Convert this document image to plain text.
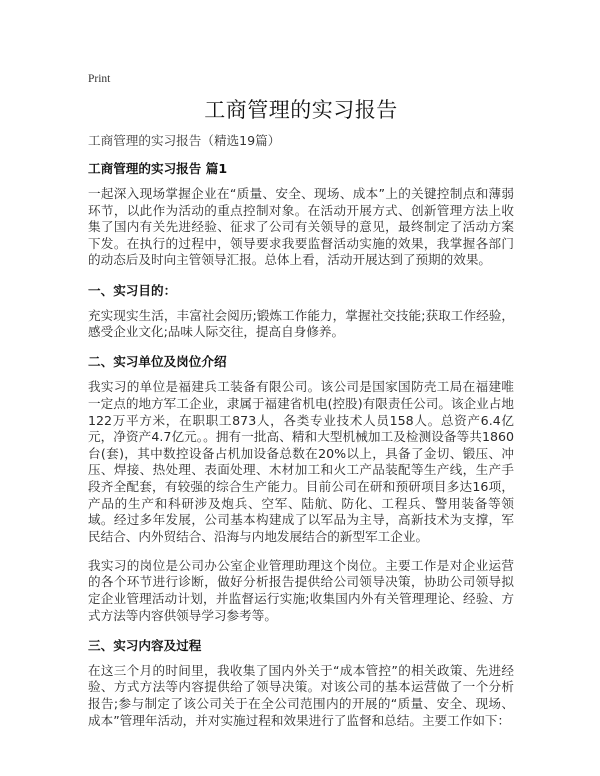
Print
工商管理的实习报告
工商管理的实习报告（精选19篇）
工商管理的实习报告 篇1

一起深入现场掌握企业在“质量、安全、现场、成本”上的关键控制点和薄弱环节，以此作为活动的重点控制对象。在活动开展方式、创新管理方法上收集了国内有关先进经验、征求了公司有关领导的意见，最终制定了活动方案下发。在执行的过程中，领导要求我要监督活动实施的效果，我掌握各部门的动态后及时向主管领导汇报。总体上看，活动开展达到了预期的效果。

一、实习目的：

充实现实生活，丰富社会阅历;锻炼工作能力，掌握社交技能;获取工作经验，感受企业文化;品味人际交往，提高自身修养。

二、实习单位及岗位介绍

我实习的单位是福建兵工装备有限公司。该公司是国家国防壳工局在福建唯一定点的地方军工企业，隶属于福建省机电(控股)有限责任公司。该企业占地122万平方米，在职职工873人，各类专业技术人员158人。总资产6.4亿元，净资产4.7亿元。。拥有一批高、精和大型机械加工及检测设备等共1860台(套)，其中数控设备占机加设备总数在20%以上，具备了金切、锻压、冲压、焊接、热处理、表面处理、木材加工和火工产品装配等生产线，生产手段齐全配套，有较强的综合生产能力。目前公司在研和预研项目多达16项，产品的生产和科研涉及炮兵、空军、陆航、防化、工程兵、警用装备等领域。经过多年发展，公司基本构建成了以军品为主导，高新技术为支撑，军民结合、内外贸结合、沿海与内地发展结合的新型军工企业。

我实习的岗位是公司办公室企业管理助理这个岗位。主要工作是对企业运营的各个环节进行诊断，做好分析报告提供给公司领导决策，协助公司领导拟定企业管理活动计划，并监督运行实施;收集国内外有关管理理论、经验、方式方法等内容供领导学习参考等。

三、实习内容及过程

在这三个月的时间里，我收集了国内外关于“成本管控”的相关政策、先进经验、方式方法等内容提供给了领导决策。对该公司的基本运营做了一个分析报告;参与制定了该公司关于在全公司范围内的开展的“质量、安全、现场、成本”管理年活动，并对实施过程和效果进行了监督和总结。主要工作如下：
